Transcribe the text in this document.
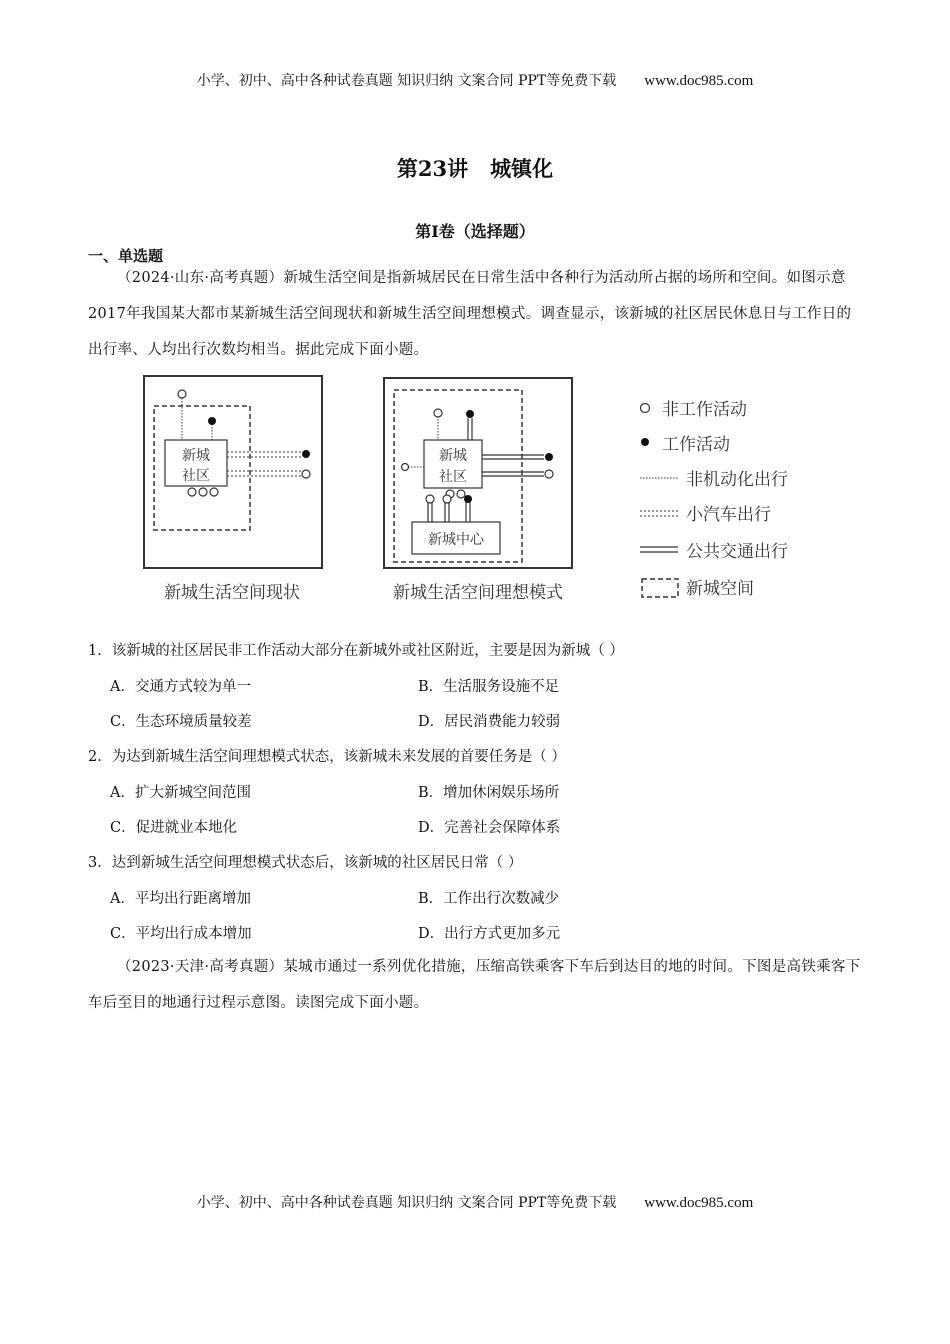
小学、初中、高中各种试卷真题 知识归纳 文案合同 PPT等免费下载 www.doc985.com
第23讲 城镇化
第I卷（选择题）
一、单选题
（2024·山东·高考真题）新城生活空间是指新城居民在日常生活中各种行为活动所占据的场所和空间。如图示意2017年我国某大都市某新城生活空间现状和新城生活空间理想模式。调查显示，该新城的社区居民休息日与工作日的出行率、人均出行次数均相当。据此完成下面小题。
新城
社区
新城生活空间现状
新城
社区
新城中心
新城生活空间理想模式
非工作活动
工作活动
非机动化出行
小汽车出行
公共交通出行
新城空间
1．该新城的社区居民非工作活动大部分在新城外或社区附近，主要是因为新城（ ）
A．交通方式较为单一	B．生活服务设施不足
C．生态环境质量较差	D．居民消费能力较弱
2．为达到新城生活空间理想模式状态，该新城未来发展的首要任务是（ ）
A．扩大新城空间范围	B．增加休闲娱乐场所
C．促进就业本地化	D．完善社会保障体系
3．达到新城生活空间理想模式状态后，该新城的社区居民日常（ ）
A．平均出行距离增加	B．工作出行次数减少
C．平均出行成本增加	D．出行方式更加多元
（2023·天津·高考真题）某城市通过一系列优化措施，压缩高铁乘客下车后到达目的地的时间。下图是高铁乘客下车后至目的地通行过程示意图。读图完成下面小题。
小学、初中、高中各种试卷真题 知识归纳 文案合同 PPT等免费下载 www.doc985.com
